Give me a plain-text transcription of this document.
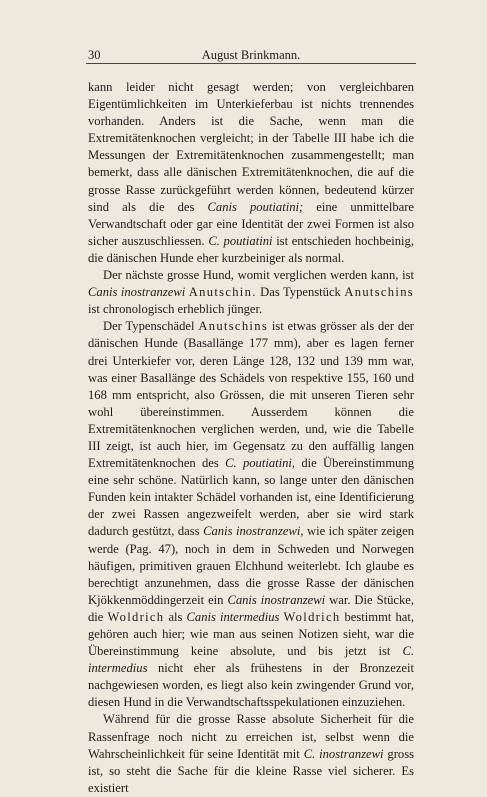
30	August Brinkmann.

kann leider nicht gesagt werden; von vergleichbaren Eigentümlichkeiten im Unterkieferbau ist nichts trennendes vorhanden. Anders ist die Sache, wenn man die Extremitätenknochen vergleicht; in der Tabelle III habe ich die Messungen der Extremitätenknochen zusammengestellt; man bemerkt, dass alle dänischen Extremitätenknochen, die auf die grosse Rasse zurückgeführt werden können, bedeutend kürzer sind als die des Canis poutiatini; eine unmittelbare Verwandtschaft oder gar eine Identität der zwei Formen ist also sicher auszuschliessen. C. poutiatini ist entschieden hochbeinig, die dänischen Hunde eher kurzbeiniger als normal.

Der nächste grosse Hund, womit verglichen werden kann, ist Canis inostranzewi Anutschin. Das Typenstück Anutschins ist chronologisch erheblich jünger.

Der Typenschädel Anutschins ist etwas grösser als der der dänischen Hunde (Basallänge 177 mm), aber es lagen ferner drei Unterkiefer vor, deren Länge 128, 132 und 139 mm war, was einer Basallänge des Schädels von respektive 155, 160 und 168 mm entspricht, also Grössen, die mit unseren Tieren sehr wohl übereinstimmen. Ausserdem können die Extremitätenknochen verglichen werden, und, wie die Tabelle III zeigt, ist auch hier, im Gegensatz zu den auffällig langen Extremitätenknochen des C. poutiatini, die Übereinstimmung eine sehr schöne. Natürlich kann, so lange unter den dänischen Funden kein intakter Schädel vorhanden ist, eine Identificierung der zwei Rassen angezweifelt werden, aber sie wird stark dadurch gestützt, dass Canis inostranzewi, wie ich später zeigen werde (Pag. 47), noch in dem in Schweden und Norwegen häufigen, primitiven grauen Elchhund weiterlebt. Ich glaube es berechtigt anzunehmen, dass die grosse Rasse der dänischen Kjökkenmöddingerzeit ein Canis inostranzewi war. Die Stücke, die Woldrich als Canis intermedius Woldrich bestimmt hat, gehören auch hier; wie man aus seinen Notizen sieht, war die Übereinstimmung keine absolute, und bis jetzt ist C. intermedius nicht eher als frühestens in der Bronzezeit nachgewiesen worden, es liegt also kein zwingender Grund vor, diesen Hund in die Verwandtschaftsspekulationen einzuziehen.

Während für die grosse Rasse absolute Sicherheit für die Rassenfrage noch nicht zu erreichen ist, selbst wenn die Wahrscheinlichkeit für seine Identität mit C. inostranzewi gross ist, so steht die Sache für die kleine Rasse viel sicherer. Es existiert
